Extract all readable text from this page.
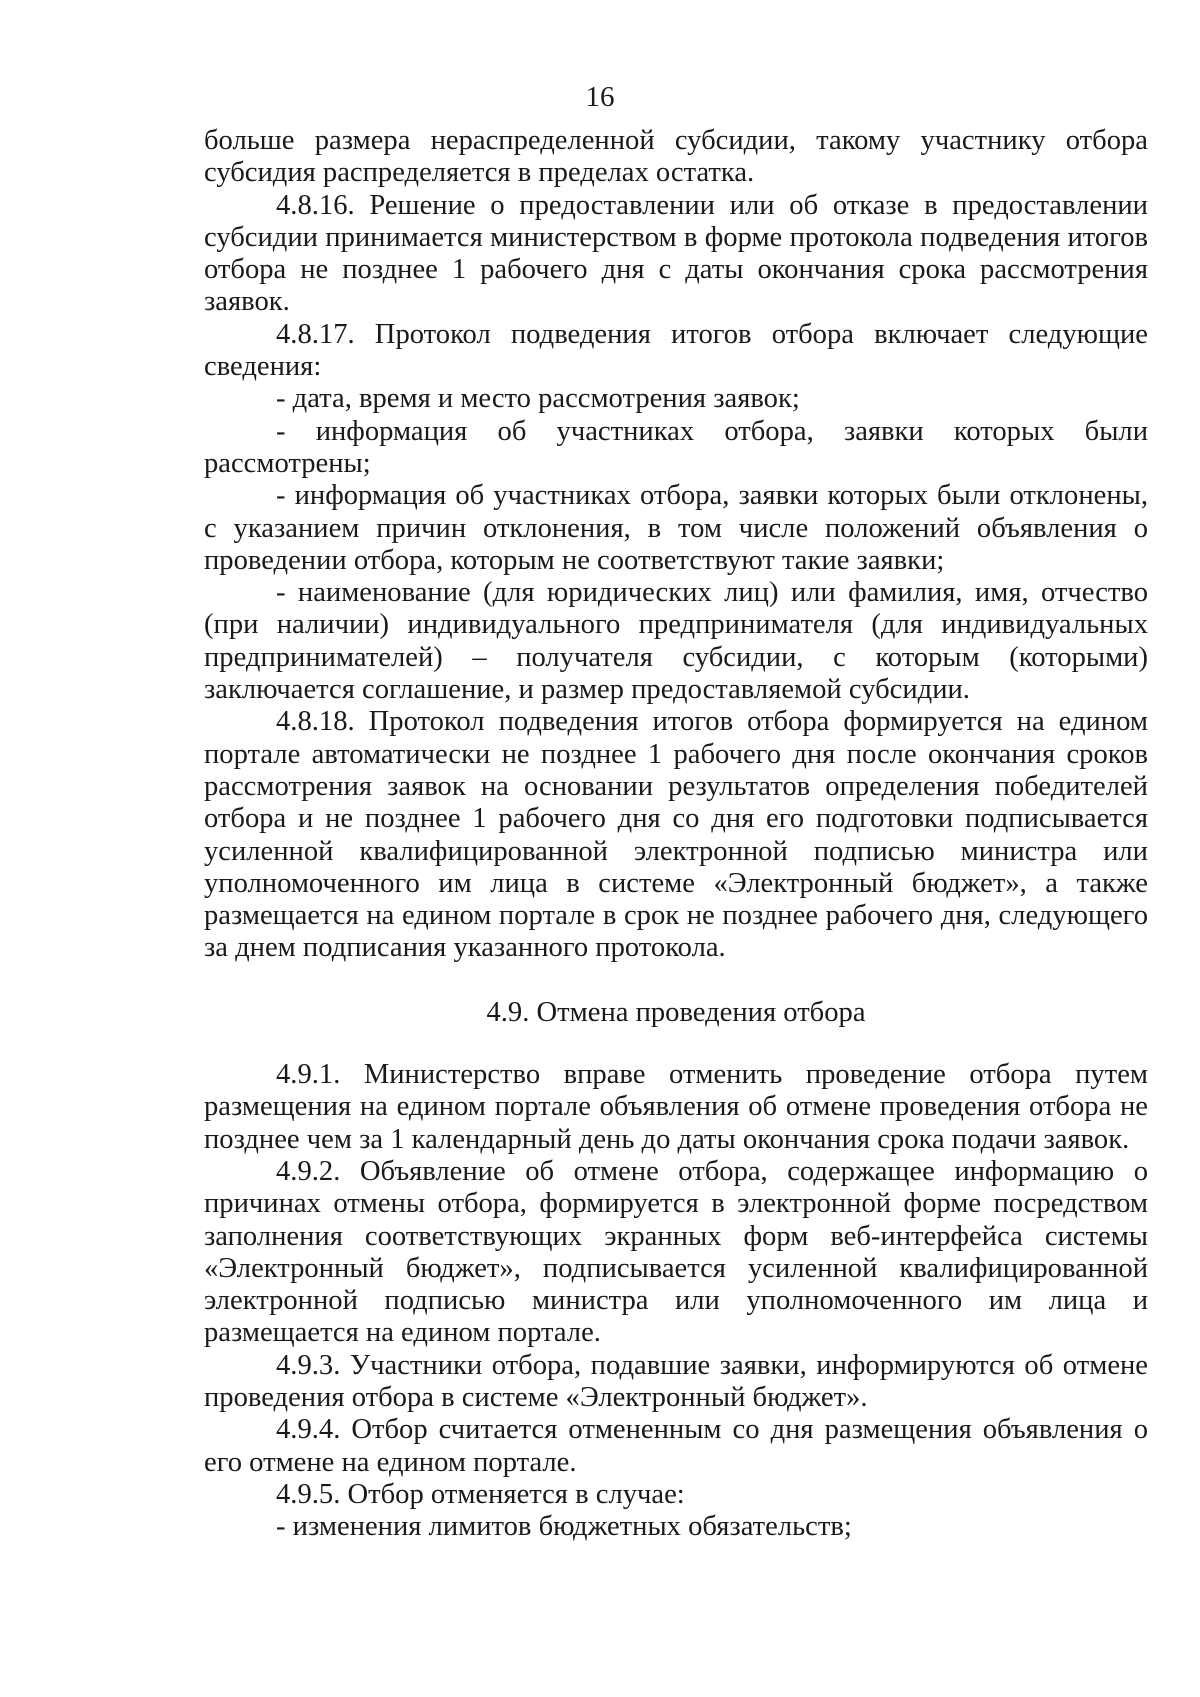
16

больше размера нераспределенной субсидии, такому участнику отбора субсидия распределяется в пределах остатка.

4.8.16. Решение о предоставлении или об отказе в предоставлении субсидии принимается министерством в форме протокола подведения итогов отбора не позднее 1 рабочего дня с даты окончания срока рассмотрения заявок.

4.8.17. Протокол подведения итогов отбора включает следующие сведения:

- дата, время и место рассмотрения заявок;

- информация об участниках отбора, заявки которых были рассмотрены;

- информация об участниках отбора, заявки которых были отклонены, с указанием причин отклонения, в том числе положений объявления о проведении отбора, которым не соответствуют такие заявки;

- наименование (для юридических лиц) или фамилия, имя, отчество (при наличии) индивидуального предпринимателя (для индивидуальных предпринимателей) – получателя субсидии, с которым (которыми) заключается соглашение, и размер предоставляемой субсидии.

4.8.18. Протокол подведения итогов отбора формируется на едином портале автоматически не позднее 1 рабочего дня после окончания сроков рассмотрения заявок на основании результатов определения победителей отбора и не позднее 1 рабочего дня со дня его подготовки подписывается усиленной квалифицированной электронной подписью министра или уполномоченного им лица в системе «Электронный бюджет», а также размещается на едином портале в срок не позднее рабочего дня, следующего за днем подписания указанного протокола.

4.9. Отмена проведения отбора

4.9.1. Министерство вправе отменить проведение отбора путем размещения на едином портале объявления об отмене проведения отбора не позднее чем за 1 календарный день до даты окончания срока подачи заявок.

4.9.2. Объявление об отмене отбора, содержащее информацию о причинах отмены отбора, формируется в электронной форме посредством заполнения соответствующих экранных форм веб-интерфейса системы «Электронный бюджет», подписывается усиленной квалифицированной электронной подписью министра или уполномоченного им лица и размещается на едином портале.

4.9.3. Участники отбора, подавшие заявки, информируются об отмене проведения отбора в системе «Электронный бюджет».

4.9.4. Отбор считается отмененным со дня размещения объявления о его отмене на едином портале.

4.9.5. Отбор отменяется в случае:

- изменения лимитов бюджетных обязательств;
